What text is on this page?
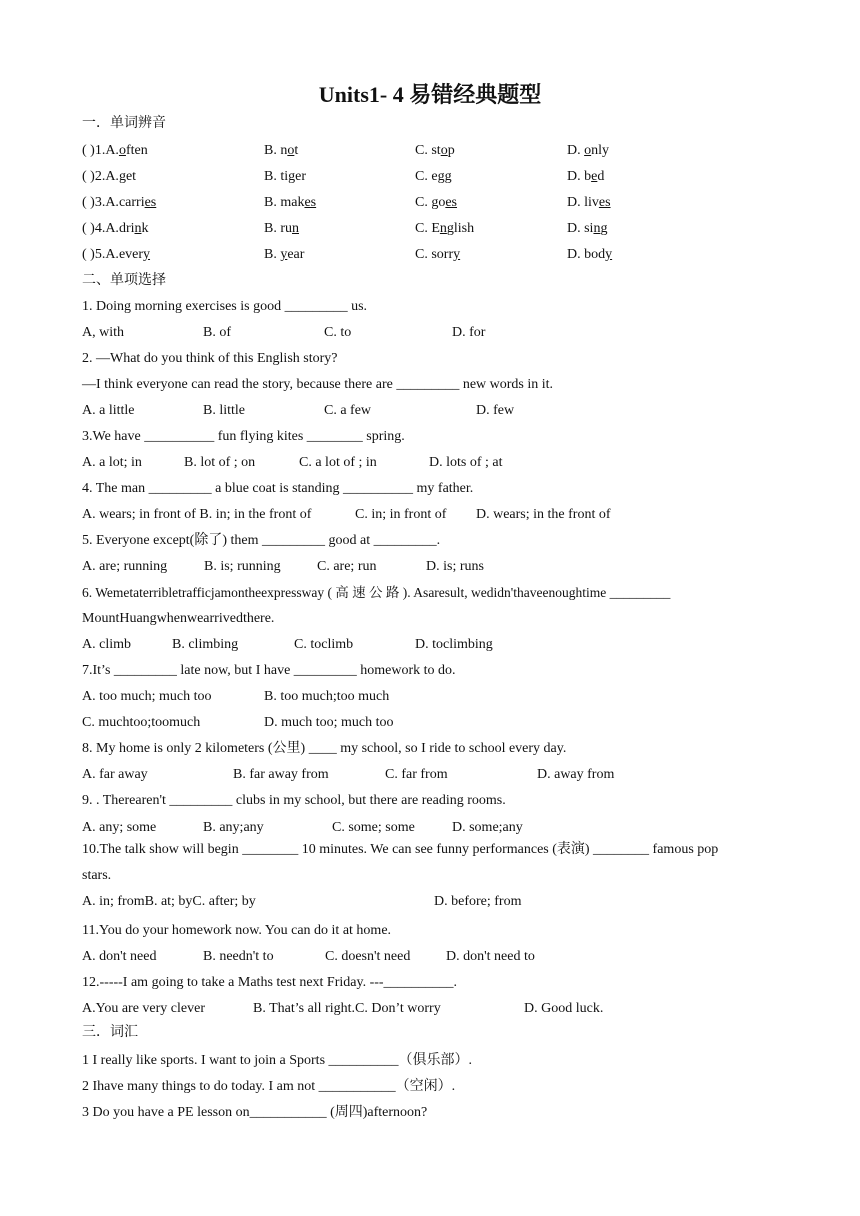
Units1- 4 易错经典题型
一．单词辨音
( )1.A.often	B. not	C. stop	D. only
( )2.A.get	B. tiger	C. egg	D. bed
( )3.A.carries	B. makes	C. goes	D. lives
( )4.A.drink	B. run	C. English	D. sing
( )5.A.every	B. year	C. sorry	D. body
二、单项选择
1. Doing morning exercises is good _________ us.
A, with	B. of	C. to	D. for
2. —What do you think of this English story?
—I think everyone can read the story, because there are _________ new words in it.
A. a little	B. little	C. a few	D. few
3.We have __________ fun flying kites ________ spring.
A. a lot; in	B. lot of ; on	C. a lot of ; in	D. lots of ; at
4. The man _________ a blue coat is standing __________ my father.
A. wears; in front of B. in; in the front of	C. in; in front of D. wears; in the front of
5. Everyone except(除了) them _________ good at _________.
A. are; running	B. is; running	C. are; run	D. is; runs
6. Wemetaterribletrafficjamontheexpressway ( 高 速 公 路 ). Asaresult, wedidn'thaveenoughtime _________
MountHuangwhenwearrivedthere.
A. climb	B. climbing	C. toclimb	D. toclimbing
7.It’s _________ late now, but I have _________ homework to do.
A. too much; much too	B. too much;too much
C. muchtoo;toomuch	D. much too; much too
8. My home is only 2 kilometers (公里) ____ my school, so I ride to school every day.
A. far away	B. far away from	C. far from	D. away from
9. . Therearen't _________ clubs in my school, but there are reading rooms.
A. any; some	B. any;any	C. some; some	D. some;any
10.The talk show will begin ________ 10 minutes. We can see funny performances (表演) ________ famous pop
stars.
A. in; fromB. at; byC. after; by	D. before; from
11.You do your homework now. You can do it at home.
A. don't need	B. needn't to	C. doesn't need	D. don't need to
12.-----I am going to take a Maths test next Friday. ---__________.
A.You are very clever	B. That’s all right.C. Don’t worry	D. Good luck.
三．词汇
1 I really like sports. I want to join a Sports __________（俱乐部）.
2 Ihave many things to do today. I am not ___________（空闲）.
3 Do you have a PE lesson on___________ (周四)afternoon?
